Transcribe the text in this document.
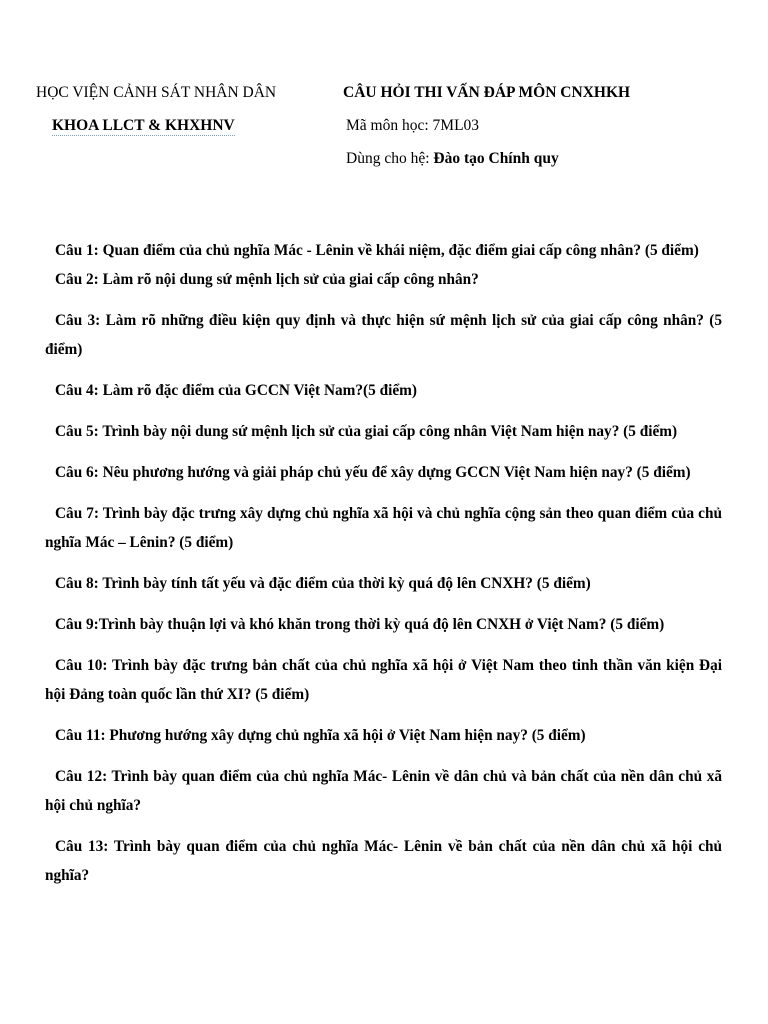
HỌC VIỆN CẢNH SÁT NHÂN DÂN
KHOA LLCT & KHXHNV
CÂU HỎI THI VẤN ĐÁP MÔN CNXHKH
Mã môn học: 7ML03
Dùng cho hệ: Đào tạo Chính quy

Câu 1: Quan điểm của chủ nghĩa Mác - Lênin về khái niệm, đặc điểm giai cấp công nhân? (5 điểm)

Câu 2: Làm rõ nội dung sứ mệnh lịch sử của giai cấp công nhân?

Câu 3: Làm rõ những điều kiện quy định và thực hiện sứ mệnh lịch sử của giai cấp công nhân? (5 điểm)

Câu 4: Làm rõ đặc điểm của GCCN Việt Nam?(5 điểm)

Câu 5: Trình bày nội dung sứ mệnh lịch sử của giai cấp công nhân Việt Nam hiện nay? (5 điểm)

Câu 6: Nêu phương hướng và giải pháp chủ yếu để xây dựng GCCN Việt Nam hiện nay? (5 điểm)

Câu 7: Trình bày đặc trưng xây dựng chủ nghĩa xã hội và chủ nghĩa cộng sản theo quan điểm của chủ nghĩa Mác – Lênin? (5 điểm)

Câu 8: Trình bày tính tất yếu và đặc điểm của thời kỳ quá độ lên CNXH? (5 điểm)

Câu 9:Trình bày thuận lợi và khó khăn trong thời kỳ quá độ lên CNXH ở Việt Nam? (5 điểm)

Câu 10: Trình bày đặc trưng bản chất của chủ nghĩa xã hội ở Việt Nam theo tinh thần văn kiện Đại hội Đảng toàn quốc lần thứ XI? (5 điểm)

Câu 11: Phương hướng xây dựng chủ nghĩa xã hội ở Việt Nam hiện nay? (5 điểm)

Câu 12: Trình bày quan điểm của chủ nghĩa Mác- Lênin về dân chủ và bản chất của nền dân chủ xã hội chủ nghĩa?

Câu 13: Trình bày quan điểm của chủ nghĩa Mác- Lênin về bản chất của nền dân chủ xã hội chủ nghĩa?
